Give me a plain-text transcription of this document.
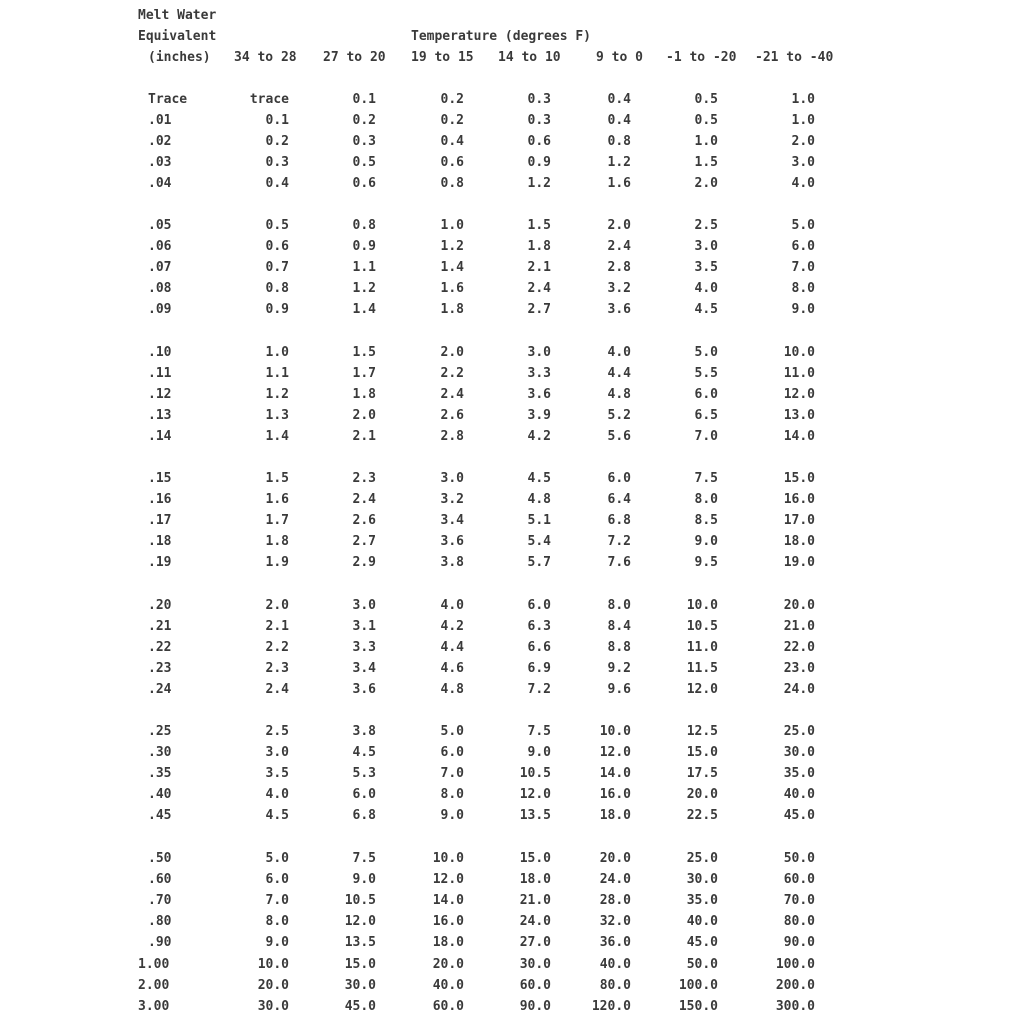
Melt Water
Equivalent	Temperature (degrees F)
(inches) 34 to 28 27 to 20 19 to 15 14 to 10	9 to 0 -1 to -20 -21 to -40
Trace	trace	0.1	0.2	0.3	0.4	0.5	1.0
.01	0.1	0.2	0.2	0.3	0.4	0.5	1.0
.02	0.2	0.3	0.4	0.6	0.8	1.0	2.0
.03	0.3	0.5	0.6	0.9	1.2	1.5	3.0
.04	0.4	0.6	0.8	1.2	1.6	2.0	4.0
.05	0.5	0.8	1.0	1.5	2.0	2.5	5.0
.06	0.6	0.9	1.2	1.8	2.4	3.0	6.0
.07	0.7	1.1	1.4	2.1	2.8	3.5	7.0
.08	0.8	1.2	1.6	2.4	3.2	4.0	8.0
.09	0.9	1.4	1.8	2.7	3.6	4.5	9.0
.10	1.0	1.5	2.0	3.0	4.0	5.0	10.0
.11	1.1	1.7	2.2	3.3	4.4	5.5	11.0
.12	1.2	1.8	2.4	3.6	4.8	6.0	12.0
.13	1.3	2.0	2.6	3.9	5.2	6.5	13.0
.14	1.4	2.1	2.8	4.2	5.6	7.0	14.0
.15	1.5	2.3	3.0	4.5	6.0	7.5	15.0
.16	1.6	2.4	3.2	4.8	6.4	8.0	16.0
.17	1.7	2.6	3.4	5.1	6.8	8.5	17.0
.18	1.8	2.7	3.6	5.4	7.2	9.0	18.0
.19	1.9	2.9	3.8	5.7	7.6	9.5	19.0
.20	2.0	3.0	4.0	6.0	8.0	10.0	20.0
.21	2.1	3.1	4.2	6.3	8.4	10.5	21.0
.22	2.2	3.3	4.4	6.6	8.8	11.0	22.0
.23	2.3	3.4	4.6	6.9	9.2	11.5	23.0
.24	2.4	3.6	4.8	7.2	9.6	12.0	24.0
.25	2.5	3.8	5.0	7.5	10.0	12.5	25.0
.30	3.0	4.5	6.0	9.0	12.0	15.0	30.0
.35	3.5	5.3	7.0	10.5	14.0	17.5	35.0
.40	4.0	6.0	8.0	12.0	16.0	20.0	40.0
.45	4.5	6.8	9.0	13.5	18.0	22.5	45.0
.50	5.0	7.5	10.0	15.0	20.0	25.0	50.0
.60	6.0	9.0	12.0	18.0	24.0	30.0	60.0
.70	7.0	10.5	14.0	21.0	28.0	35.0	70.0
.80	8.0	12.0	16.0	24.0	32.0	40.0	80.0
.90	9.0	13.5	18.0	27.0	36.0	45.0	90.0
1.00	10.0	15.0	20.0	30.0	40.0	50.0	100.0
2.00	20.0	30.0	40.0	60.0	80.0	100.0	200.0
3.00	30.0	45.0	60.0	90.0	120.0	150.0	300.0
